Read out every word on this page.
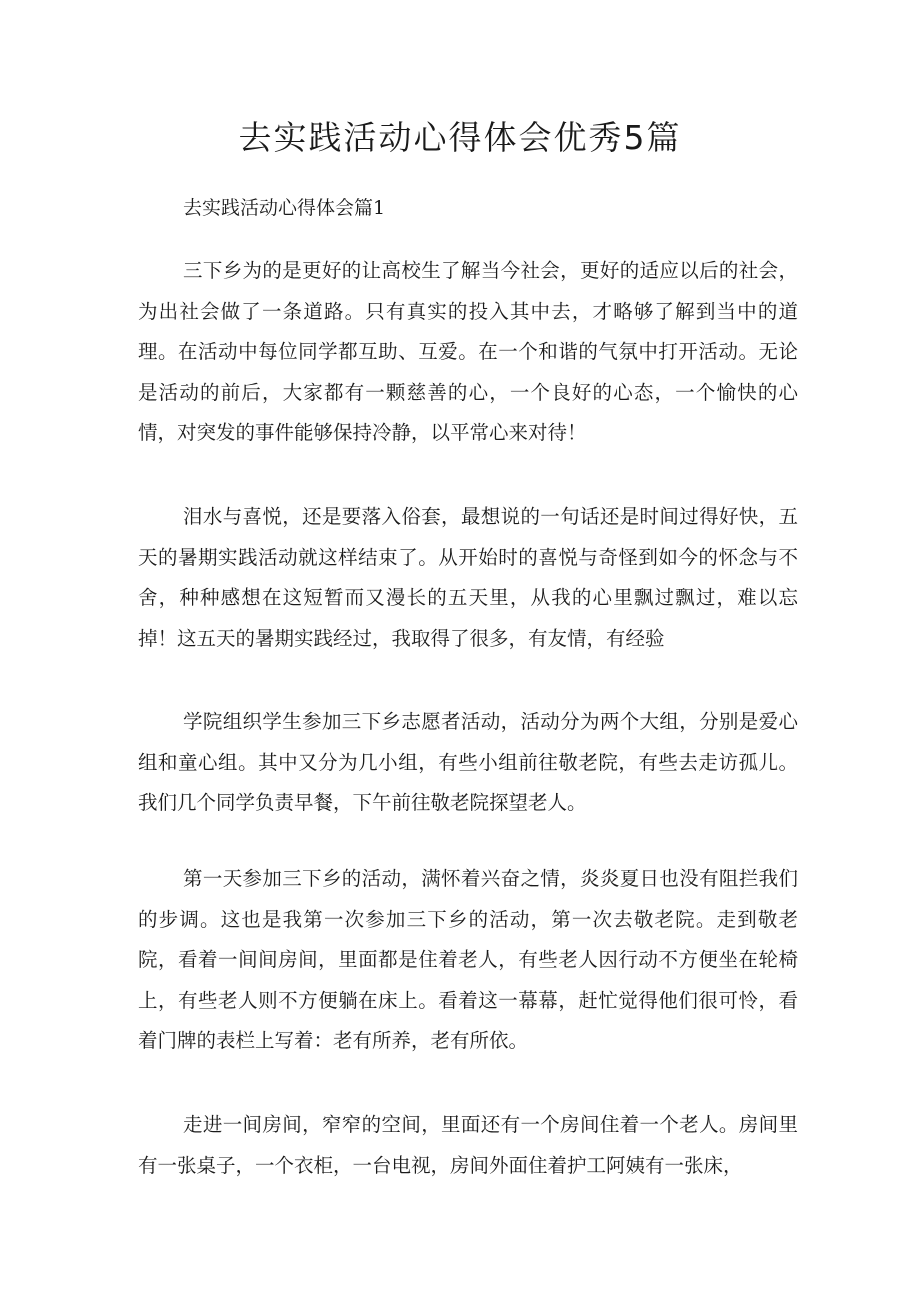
去实践活动心得体会优秀5篇
去实践活动心得体会篇1

三下乡为的是更好的让高校生了解当今社会，更好的适应以后的社会，为出社会做了一条道路。只有真实的投入其中去，才略够了解到当中的道理。在活动中每位同学都互助、互爱。在一个和谐的气氛中打开活动。无论是活动的前后，大家都有一颗慈善的心，一个良好的心态，一个愉快的心情，对突发的事件能够保持冷静，以平常心来对待！

泪水与喜悦，还是要落入俗套，最想说的一句话还是时间过得好快，五天的暑期实践活动就这样结束了。从开始时的喜悦与奇怪到如今的怀念与不舍，种种感想在这短暂而又漫长的五天里，从我的心里飘过飘过，难以忘掉！这五天的暑期实践经过，我取得了很多，有友情，有经验

学院组织学生参加三下乡志愿者活动，活动分为两个大组，分别是爱心组和童心组。其中又分为几小组，有些小组前往敬老院，有些去走访孤儿。我们几个同学负责早餐，下午前往敬老院探望老人。

第一天参加三下乡的活动，满怀着兴奋之情，炎炎夏日也没有阻拦我们的步调。这也是我第一次参加三下乡的活动，第一次去敬老院。走到敬老院，看着一间间房间，里面都是住着老人，有些老人因行动不方便坐在轮椅上，有些老人则不方便躺在床上。看着这一幕幕，赶忙觉得他们很可怜，看着门牌的表栏上写着：老有所养，老有所依。

走进一间房间，窄窄的空间，里面还有一个房间住着一个老人。房间里有一张桌子，一个衣柜，一台电视，房间外面住着护工阿姨有一张床，
